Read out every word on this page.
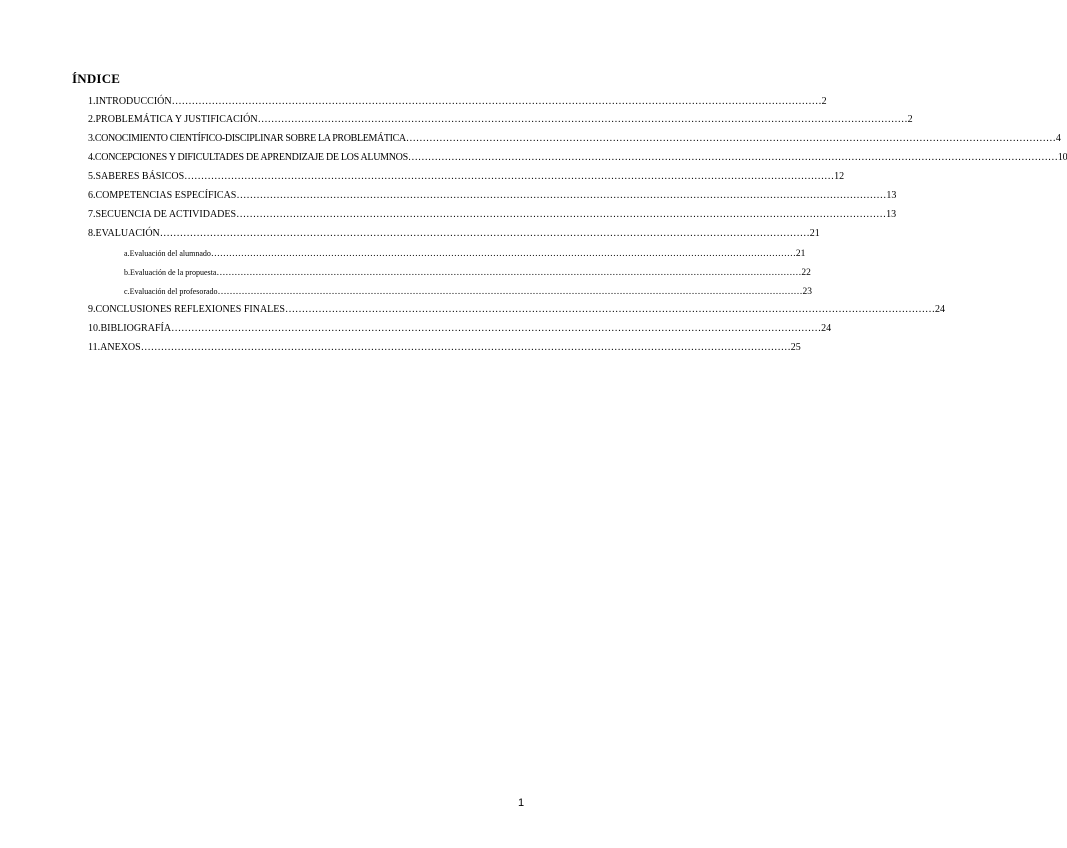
ÍNDICE
1. INTRODUCCIÓN …………………………………………………………………………………………………………………………………………………………………………… 2
2. PROBLEMÁTICA Y JUSTIFICACIÓN …………………………………………………………………………………………………………………………………………………………………………… 2
3. CONOCIMIENTO CIENTÍFICO-DISCIPLINAR SOBRE LA PROBLEMÁTICA …………………………………………………………………………………………………………………………………………………………………………… 4
4. CONCEPCIONES Y DIFICULTADES DE APRENDIZAJE DE LOS ALUMNOS …………………………………………………………………………………………………………………………………………………………………………… 10
5. SABERES BÁSICOS …………………………………………………………………………………………………………………………………………………………………………… 12
6. COMPETENCIAS ESPECÍFICAS …………………………………………………………………………………………………………………………………………………………………………… 13
7. SECUENCIA DE ACTIVIDADES …………………………………………………………………………………………………………………………………………………………………………… 13
8. EVALUACIÓN …………………………………………………………………………………………………………………………………………………………………………… 21
a. Evaluación del alumnado …………………………………………………………………………………………………………………………………………………………………………… 21
b. Evaluación de la propuesta …………………………………………………………………………………………………………………………………………………………………………… 22
c. Evaluación del profesorado …………………………………………………………………………………………………………………………………………………………………………… 23
9. CONCLUSIONES REFLEXIONES FINALES …………………………………………………………………………………………………………………………………………………………………………… 24
10. BIBLIOGRAFÍA …………………………………………………………………………………………………………………………………………………………………………… 24
11. ANEXOS …………………………………………………………………………………………………………………………………………………………………………… 25
1
